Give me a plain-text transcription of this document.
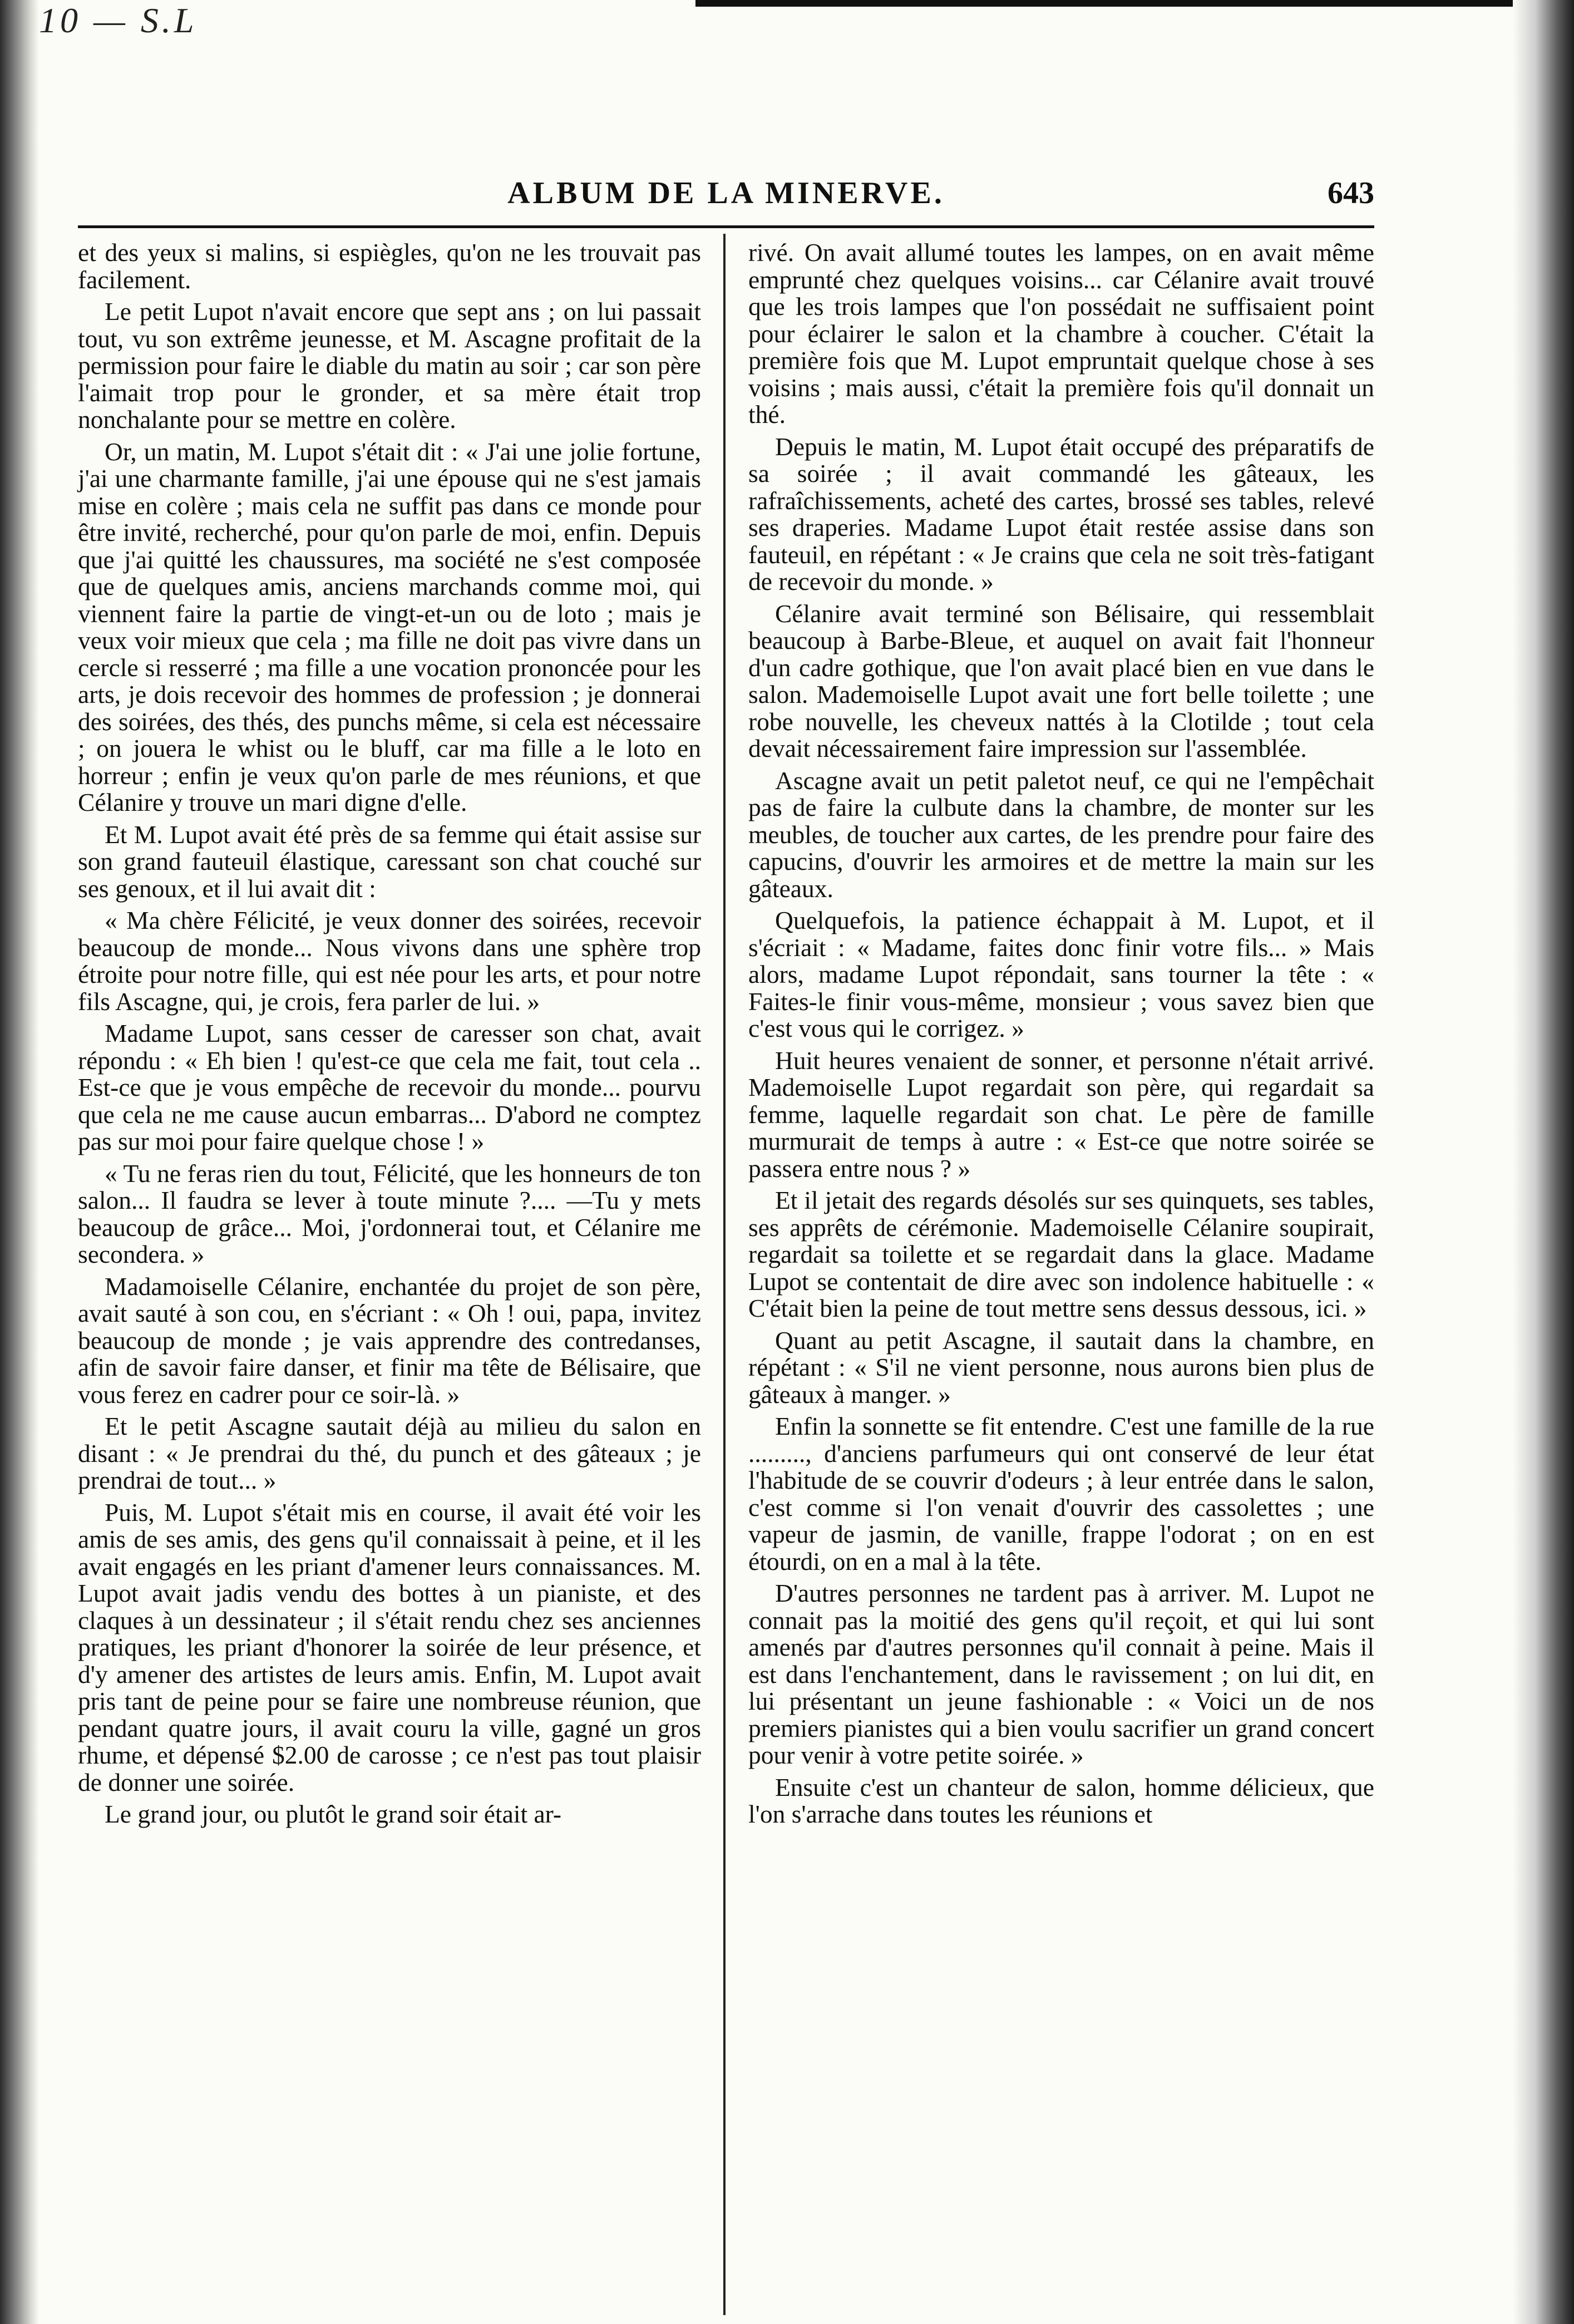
10 — S.L
ALBUM DE LA MINERVE.	643

et des yeux si malins, si espiègles, qu'on ne les trouvait pas facilement.

Le petit Lupot n'avait encore que sept ans ; on lui passait tout, vu son extrême jeunesse, et M. Ascagne profitait de la permission pour faire le diable du matin au soir ; car son père l'aimait trop pour le gronder, et sa mère était trop nonchalante pour se mettre en colère.

Or, un matin, M. Lupot s'était dit : « J'ai une jolie fortune, j'ai une charmante famille, j'ai une épouse qui ne s'est jamais mise en colère ; mais cela ne suffit pas dans ce monde pour être invité, recherché, pour qu'on parle de moi, enfin. Depuis que j'ai quitté les chaussures, ma société ne s'est composée que de quelques amis, anciens marchands comme moi, qui viennent faire la partie de vingt-et-un ou de loto ; mais je veux voir mieux que cela ; ma fille ne doit pas vivre dans un cercle si resserré ; ma fille a une vocation prononcée pour les arts, je dois recevoir des hommes de profession ; je donnerai des soirées, des thés, des punchs même, si cela est nécessaire ; on jouera le whist ou le bluff, car ma fille a le loto en horreur ; enfin je veux qu'on parle de mes réunions, et que Célanire y trouve un mari digne d'elle.

Et M. Lupot avait été près de sa femme qui était assise sur son grand fauteuil élastique, caressant son chat couché sur ses genoux, et il lui avait dit :

« Ma chère Félicité, je veux donner des soirées, recevoir beaucoup de monde... Nous vivons dans une sphère trop étroite pour notre fille, qui est née pour les arts, et pour notre fils Ascagne, qui, je crois, fera parler de lui. »

Madame Lupot, sans cesser de caresser son chat, avait répondu : « Eh bien ! qu'est-ce que cela me fait, tout cela .. Est-ce que je vous empêche de recevoir du monde... pourvu que cela ne me cause aucun embarras... D'abord ne comptez pas sur moi pour faire quelque chose ! »

« Tu ne feras rien du tout, Félicité, que les honneurs de ton salon... Il faudra se lever à toute minute ?.... —Tu y mets beaucoup de grâce... Moi, j'ordonnerai tout, et Célanire me secondera. »

Madamoiselle Célanire, enchantée du projet de son père, avait sauté à son cou, en s'écriant : « Oh ! oui, papa, invitez beaucoup de monde ; je vais apprendre des contredanses, afin de savoir faire danser, et finir ma tête de Bélisaire, que vous ferez en cadrer pour ce soir-là. »

Et le petit Ascagne sautait déjà au milieu du salon en disant : « Je prendrai du thé, du punch et des gâteaux ; je prendrai de tout... »

Puis, M. Lupot s'était mis en course, il avait été voir les amis de ses amis, des gens qu'il connaissait à peine, et il les avait engagés en les priant d'amener leurs connaissances. M. Lupot avait jadis vendu des bottes à un pianiste, et des claques à un dessinateur ; il s'était rendu chez ses anciennes pratiques, les priant d'honorer la soirée de leur présence, et d'y amener des artistes de leurs amis. Enfin, M. Lupot avait pris tant de peine pour se faire une nombreuse réunion, que pendant quatre jours, il avait couru la ville, gagné un gros rhume, et dépensé $2.00 de carosse ; ce n'est pas tout plaisir de donner une soirée.

Le grand jour, ou plutôt le grand soir était ar-

rivé. On avait allumé toutes les lampes, on en avait même emprunté chez quelques voisins... car Célanire avait trouvé que les trois lampes que l'on possédait ne suffisaient point pour éclairer le salon et la chambre à coucher. C'était la première fois que M. Lupot empruntait quelque chose à ses voisins ; mais aussi, c'était la première fois qu'il donnait un thé.

Depuis le matin, M. Lupot était occupé des préparatifs de sa soirée ; il avait commandé les gâteaux, les rafraîchissements, acheté des cartes, brossé ses tables, relevé ses draperies. Madame Lupot était restée assise dans son fauteuil, en répétant : « Je crains que cela ne soit très-fatigant de recevoir du monde. »

Célanire avait terminé son Bélisaire, qui ressemblait beaucoup à Barbe-Bleue, et auquel on avait fait l'honneur d'un cadre gothique, que l'on avait placé bien en vue dans le salon. Mademoiselle Lupot avait une fort belle toilette ; une robe nouvelle, les cheveux nattés à la Clotilde ; tout cela devait nécessairement faire impression sur l'assemblée.

Ascagne avait un petit paletot neuf, ce qui ne l'empêchait pas de faire la culbute dans la chambre, de monter sur les meubles, de toucher aux cartes, de les prendre pour faire des capucins, d'ouvrir les armoires et de mettre la main sur les gâteaux.

Quelquefois, la patience échappait à M. Lupot, et il s'écriait : « Madame, faites donc finir votre fils... » Mais alors, madame Lupot répondait, sans tourner la tête : « Faites-le finir vous-même, monsieur ; vous savez bien que c'est vous qui le corrigez. »

Huit heures venaient de sonner, et personne n'était arrivé. Mademoiselle Lupot regardait son père, qui regardait sa femme, laquelle regardait son chat. Le père de famille murmurait de temps à autre : « Est-ce que notre soirée se passera entre nous ? »

Et il jetait des regards désolés sur ses quinquets, ses tables, ses apprêts de cérémonie. Mademoiselle Célanire soupirait, regardait sa toilette et se regardait dans la glace. Madame Lupot se contentait de dire avec son indolence habituelle : « C'était bien la peine de tout mettre sens dessus dessous, ici. »

Quant au petit Ascagne, il sautait dans la chambre, en répétant : « S'il ne vient personne, nous aurons bien plus de gâteaux à manger. »

Enfin la sonnette se fit entendre. C'est une famille de la rue ........., d'anciens parfumeurs qui ont conservé de leur état l'habitude de se couvrir d'odeurs ; à leur entrée dans le salon, c'est comme si l'on venait d'ouvrir des cassolettes ; une vapeur de jasmin, de vanille, frappe l'odorat ; on en est étourdi, on en a mal à la tête.

D'autres personnes ne tardent pas à arriver. M. Lupot ne connait pas la moitié des gens qu'il reçoit, et qui lui sont amenés par d'autres personnes qu'il connait à peine. Mais il est dans l'enchantement, dans le ravissement ; on lui dit, en lui présentant un jeune fashionable : « Voici un de nos premiers pianistes qui a bien voulu sacrifier un grand concert pour venir à votre petite soirée. »

Ensuite c'est un chanteur de salon, homme délicieux, que l'on s'arrache dans toutes les réunions et
